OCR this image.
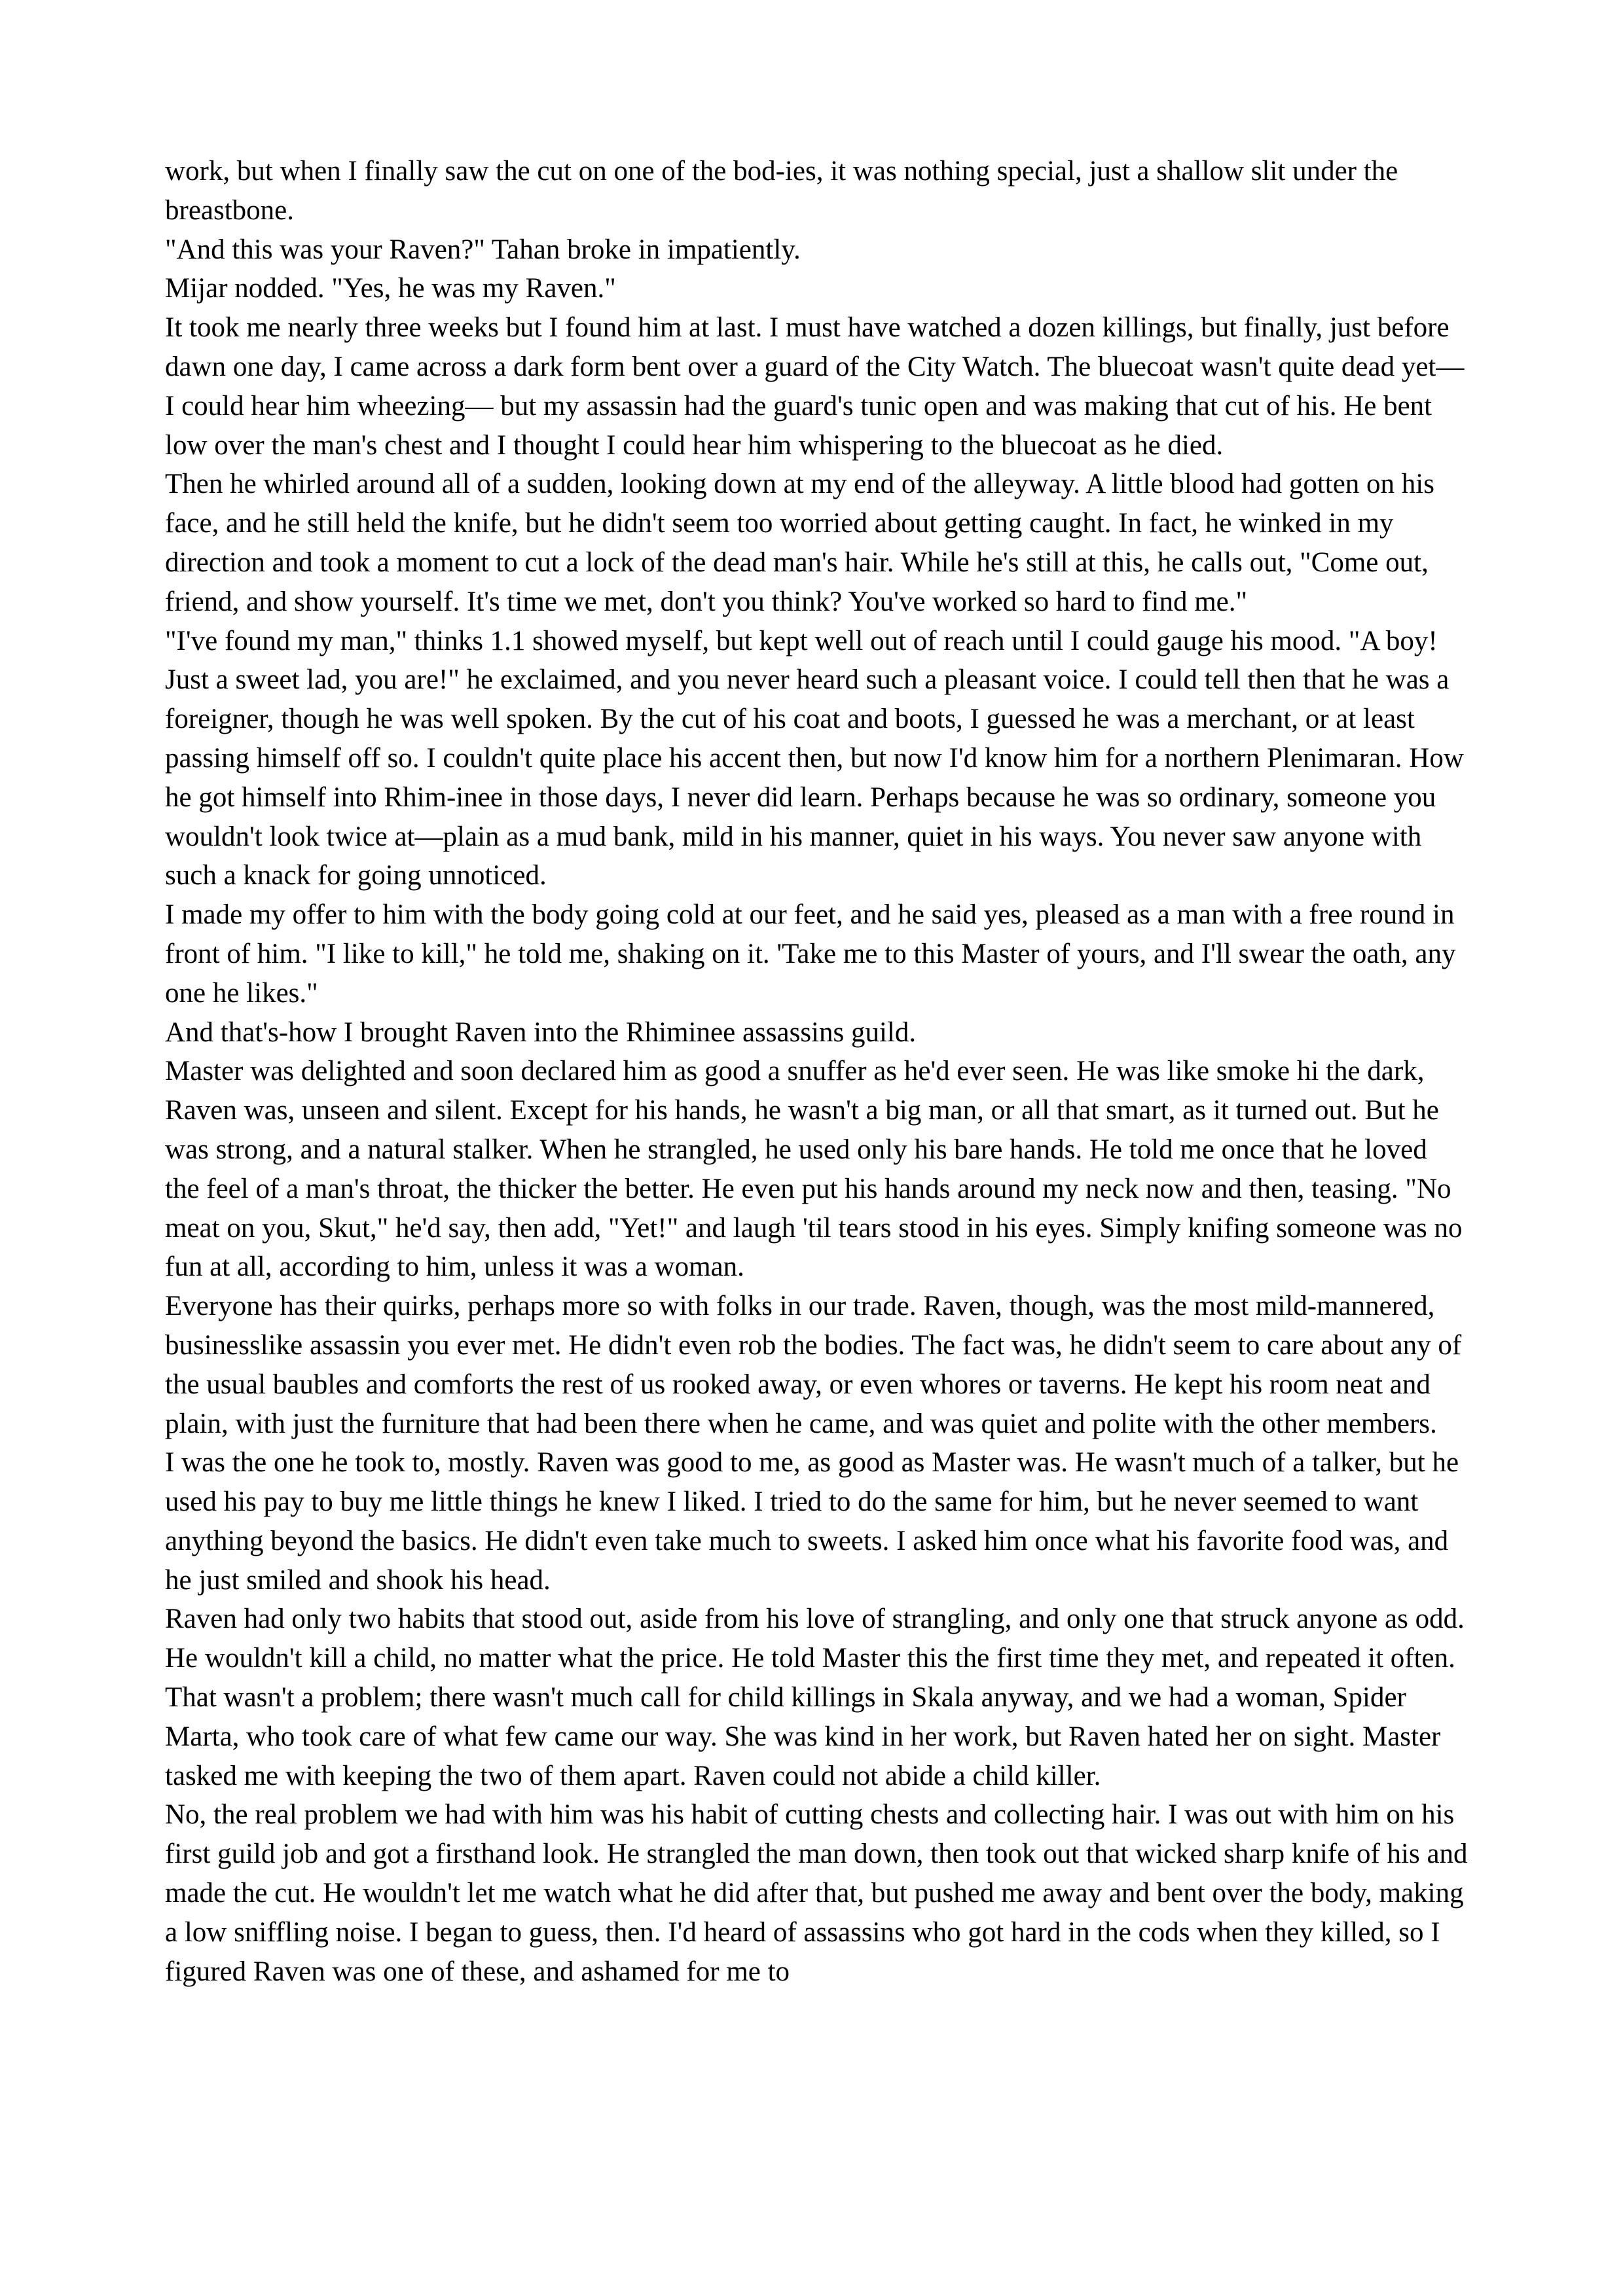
work, but when I finally saw the cut on one of the bod-ies, it was nothing special, just a shallow slit under the breastbone.

"And this was your Raven?" Tahan broke in impatiently.

Mijar nodded. "Yes, he was my Raven."

It took me nearly three weeks but I found him at last. I must have watched a dozen killings, but finally, just before dawn one day, I came across a dark form bent over a guard of the City Watch. The bluecoat wasn't quite dead yet—I could hear him wheezing— but my assassin had the guard's tunic open and was making that cut of his. He bent low over the man's chest and I thought I could hear him whispering to the bluecoat as he died.

Then he whirled around all of a sudden, looking down at my end of the alleyway. A little blood had gotten on his face, and he still held the knife, but he didn't seem too worried about getting caught. In fact, he winked in my direction and took a moment to cut a lock of the dead man's hair. While he's still at this, he calls out, "Come out, friend, and show yourself. It's time we met, don't you think? You've worked so hard to find me."

"I've found my man," thinks 1.1 showed myself, but kept well out of reach until I could gauge his mood. "A boy! Just a sweet lad, you are!" he exclaimed, and you never heard such a pleasant voice. I could tell then that he was a foreigner, though he was well spoken. By the cut of his coat and boots, I guessed he was a merchant, or at least passing himself off so. I couldn't quite place his accent then, but now I'd know him for a northern Plenimaran. How he got himself into Rhim-inee in those days, I never did learn. Perhaps because he was so ordinary, someone you wouldn't look twice at—plain as a mud bank, mild in his manner, quiet in his ways. You never saw anyone with such a knack for going unnoticed.

I made my offer to him with the body going cold at our feet, and he said yes, pleased as a man with a free round in front of him. "I like to kill," he told me, shaking on it. 'Take me to this Master of yours, and I'll swear the oath, any one he likes."

And that's-how I brought Raven into the Rhiminee assassins guild.

Master was delighted and soon declared him as good a snuffer as he'd ever seen. He was like smoke hi the dark, Raven was, unseen and silent. Except for his hands, he wasn't a big man, or all that smart, as it turned out. But he was strong, and a natural stalker. When he strangled, he used only his bare hands. He told me once that he loved the feel of a man's throat, the thicker the better. He even put his hands around my neck now and then, teasing. "No meat on you, Skut," he'd say, then add, "Yet!" and laugh 'til tears stood in his eyes. Simply knifing someone was no fun at all, according to him, unless it was a woman.

Everyone has their quirks, perhaps more so with folks in our trade. Raven, though, was the most mild-mannered, businesslike assassin you ever met. He didn't even rob the bodies. The fact was, he didn't seem to care about any of the usual baubles and comforts the rest of us rooked away, or even whores or taverns. He kept his room neat and plain, with just the furniture that had been there when he came, and was quiet and polite with the other members.

I was the one he took to, mostly. Raven was good to me, as good as Master was. He wasn't much of a talker, but he used his pay to buy me little things he knew I liked. I tried to do the same for him, but he never seemed to want anything beyond the basics. He didn't even take much to sweets. I asked him once what his favorite food was, and he just smiled and shook his head.

Raven had only two habits that stood out, aside from his love of strangling, and only one that struck anyone as odd. He wouldn't kill a child, no matter what the price. He told Master this the first time they met, and repeated it often. That wasn't a problem; there wasn't much call for child killings in Skala anyway, and we had a woman, Spider Marta, who took care of what few came our way. She was kind in her work, but Raven hated her on sight. Master tasked me with keeping the two of them apart. Raven could not abide a child killer.

No, the real problem we had with him was his habit of cutting chests and collecting hair. I was out with him on his first guild job and got a firsthand look. He strangled the man down, then took out that wicked sharp knife of his and made the cut. He wouldn't let me watch what he did after that, but pushed me away and bent over the body, making a low sniffling noise. I began to guess, then. I'd heard of assassins who got hard in the cods when they killed, so I figured Raven was one of these, and ashamed for me to
